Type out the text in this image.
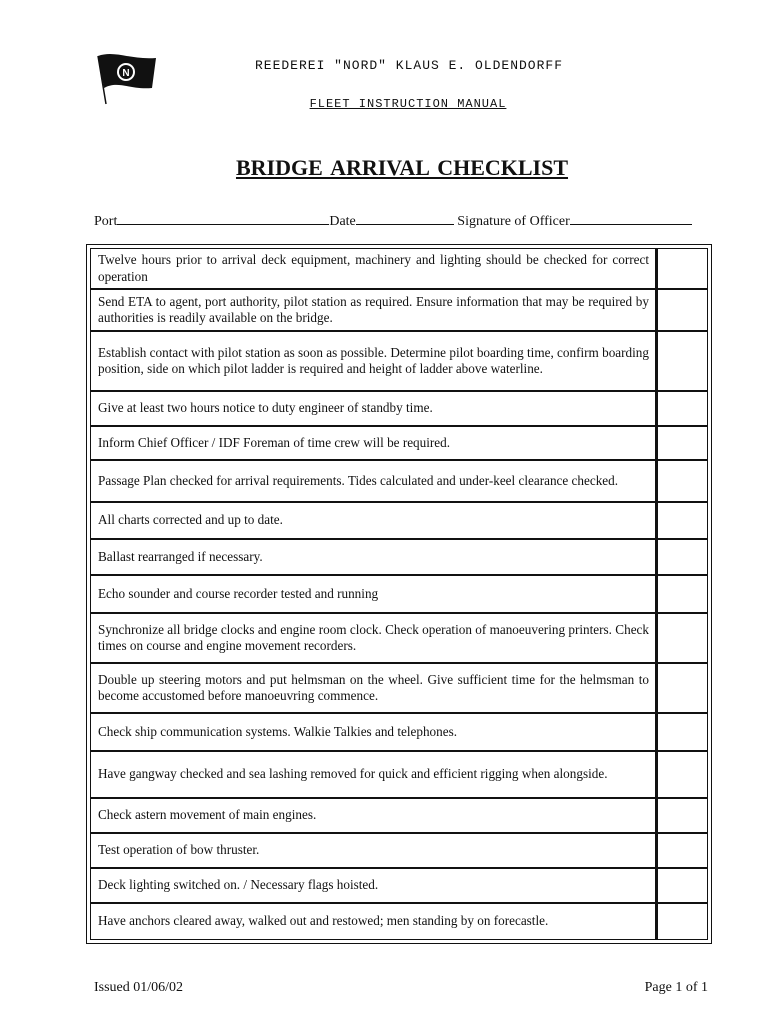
N
REEDEREI "NORD" KLAUS E. OLDENDORFF
FLEET INSTRUCTION MANUAL
BRIDGE ARRIVAL CHECKLIST
Port	Date	Signature of Officer
Twelve hours prior to arrival deck equipment, machinery and lighting should be checked for correct operation	
Send ETA to agent, port authority, pilot station as required. Ensure information that may be required by authorities is readily available on the bridge.	
Establish contact with pilot station as soon as possible. Determine pilot boarding time, confirm boarding position, side on which pilot ladder is required and height of ladder above waterline.	
Give at least two hours notice to duty engineer of standby time.	
Inform Chief Officer / IDF Foreman of time crew will be required.	
Passage Plan checked for arrival requirements. Tides calculated and under-keel clearance checked.	
All charts corrected and up to date.	
Ballast rearranged if necessary.	
Echo sounder and course recorder tested and running	
Synchronize all bridge clocks and engine room clock. Check operation of manoeuvering printers. Check times on course and engine movement recorders.	
Double up steering motors and put helmsman on the wheel. Give sufficient time for the helmsman to become accustomed before manoeuvring commence.	
Check ship communication systems. Walkie Talkies and telephones.	
Have gangway checked and sea lashing removed for quick and efficient rigging when alongside.	
Check astern movement of main engines.	
Test operation of bow thruster.	
Deck lighting switched on. / Necessary flags hoisted.	
Have anchors cleared away, walked out and restowed; men standing by on forecastle.	
Issued 01/06/02	Page 1 of 1
